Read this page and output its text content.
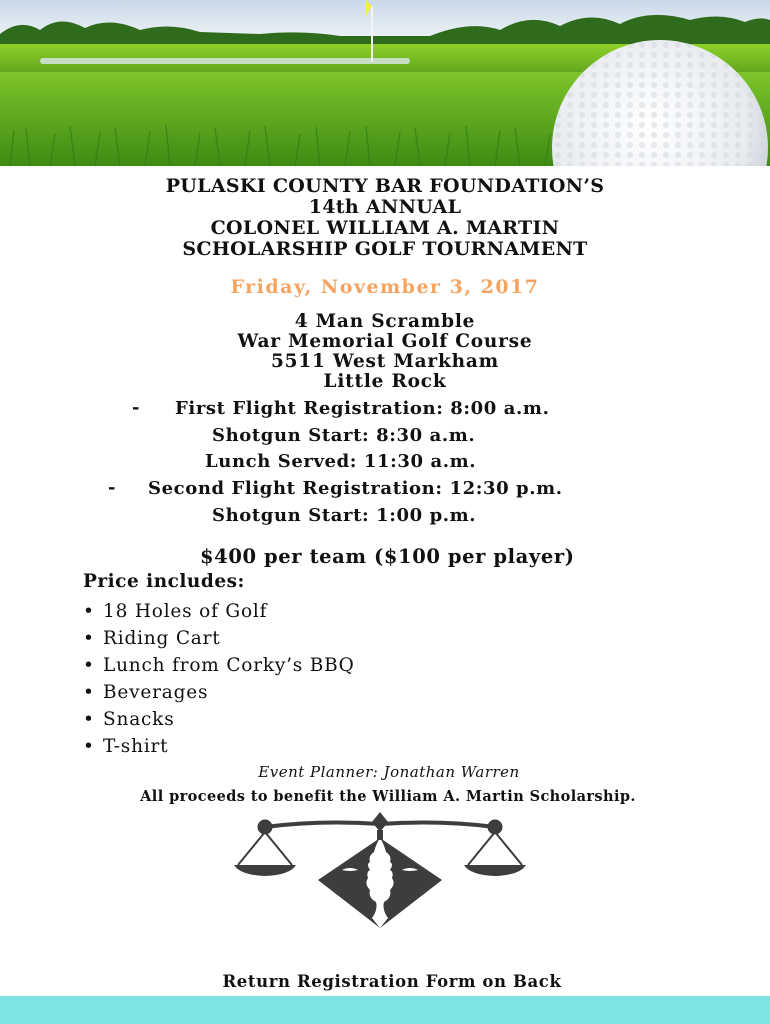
PULASKI COUNTY BAR FOUNDATION’S
14th ANNUAL
COLONEL WILLIAM A. MARTIN
SCHOLARSHIP GOLF TOURNAMENT
Friday, November 3, 2017
4 Man Scramble
War Memorial Golf Course
5511 West Markham
Little Rock
- First Flight Registration: 8:00 a.m.
Shotgun Start: 8:30 a.m.
Lunch Served: 11:30 a.m.
- Second Flight Registration: 12:30 p.m.
Shotgun Start: 1:00 p.m.
$400 per team ($100 per player)
Price includes:
• 18 Holes of Golf
• Riding Cart
• Lunch from Corky’s BBQ
• Beverages
• Snacks
• T-shirt
Event Planner: Jonathan Warren
All proceeds to benefit the William A. Martin Scholarship.
Return Registration Form on Back
